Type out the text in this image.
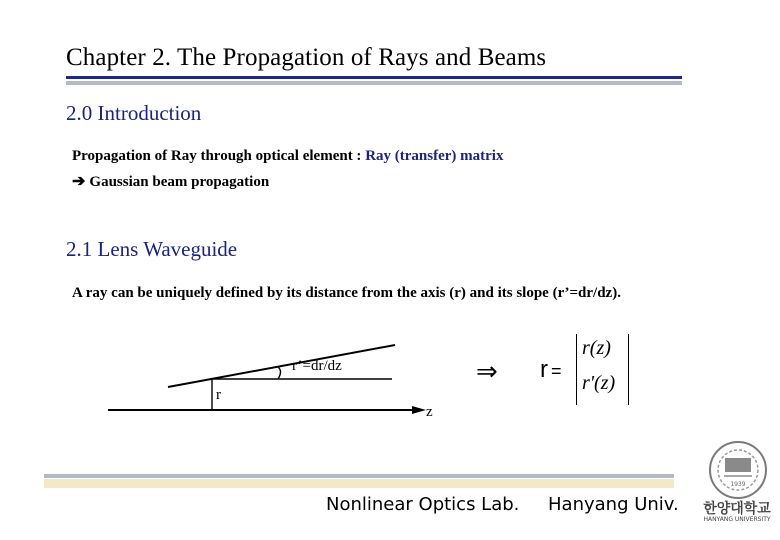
Chapter 2. The Propagation of Rays and Beams
2.0 Introduction
Propagation of Ray through optical element : Ray (transfer) matrix
➔ Gaussian beam propagation
2.1 Lens Waveguide
A ray can be uniquely defined by its distance from the axis (r) and its slope (r’=dr/dz).
r’=dr/dz
r
z
⇒ r =
r(z)
r'(z)
Nonlinear Optics Lab. Hanyang Univ.
1939
한양대학교
HANYANG UNIVERSITY
